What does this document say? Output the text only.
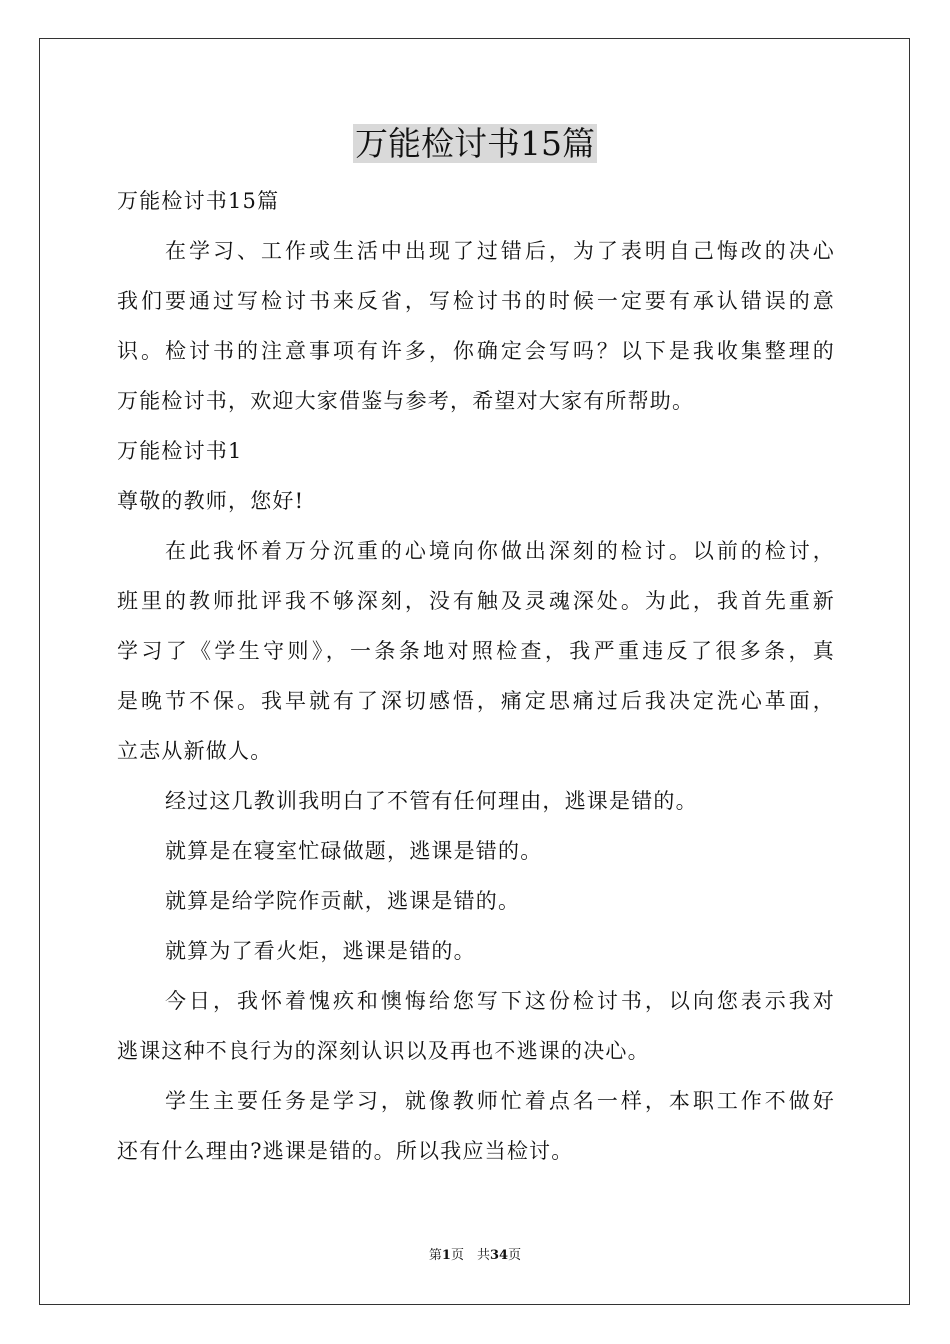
万能检讨书15篇
万能检讨书15篇
在学习、工作或生活中出现了过错后，为了表明自己悔改的决心
我们要通过写检讨书来反省，写检讨书的时候一定要有承认错误的意
识。检讨书的注意事项有许多，你确定会写吗？以下是我收集整理的
万能检讨书，欢迎大家借鉴与参考，希望对大家有所帮助。
万能检讨书1
尊敬的教师，您好!
在此我怀着万分沉重的心境向你做出深刻的检讨。以前的检讨，
班里的教师批评我不够深刻，没有触及灵魂深处。为此，我首先重新
学习了《学生守则》，一条条地对照检查，我严重违反了很多条，真
是晚节不保。我早就有了深切感悟，痛定思痛过后我决定洗心革面，
立志从新做人。
经过这几教训我明白了不管有任何理由，逃课是错的。
就算是在寝室忙碌做题，逃课是错的。
就算是给学院作贡献，逃课是错的。
就算为了看火炬，逃课是错的。
今日，我怀着愧疚和懊悔给您写下这份检讨书，以向您表示我对
逃课这种不良行为的深刻认识以及再也不逃课的决心。
学生主要任务是学习，就像教师忙着点名一样，本职工作不做好
还有什么理由?逃课是错的。所以我应当检讨。
第1页　共34页
